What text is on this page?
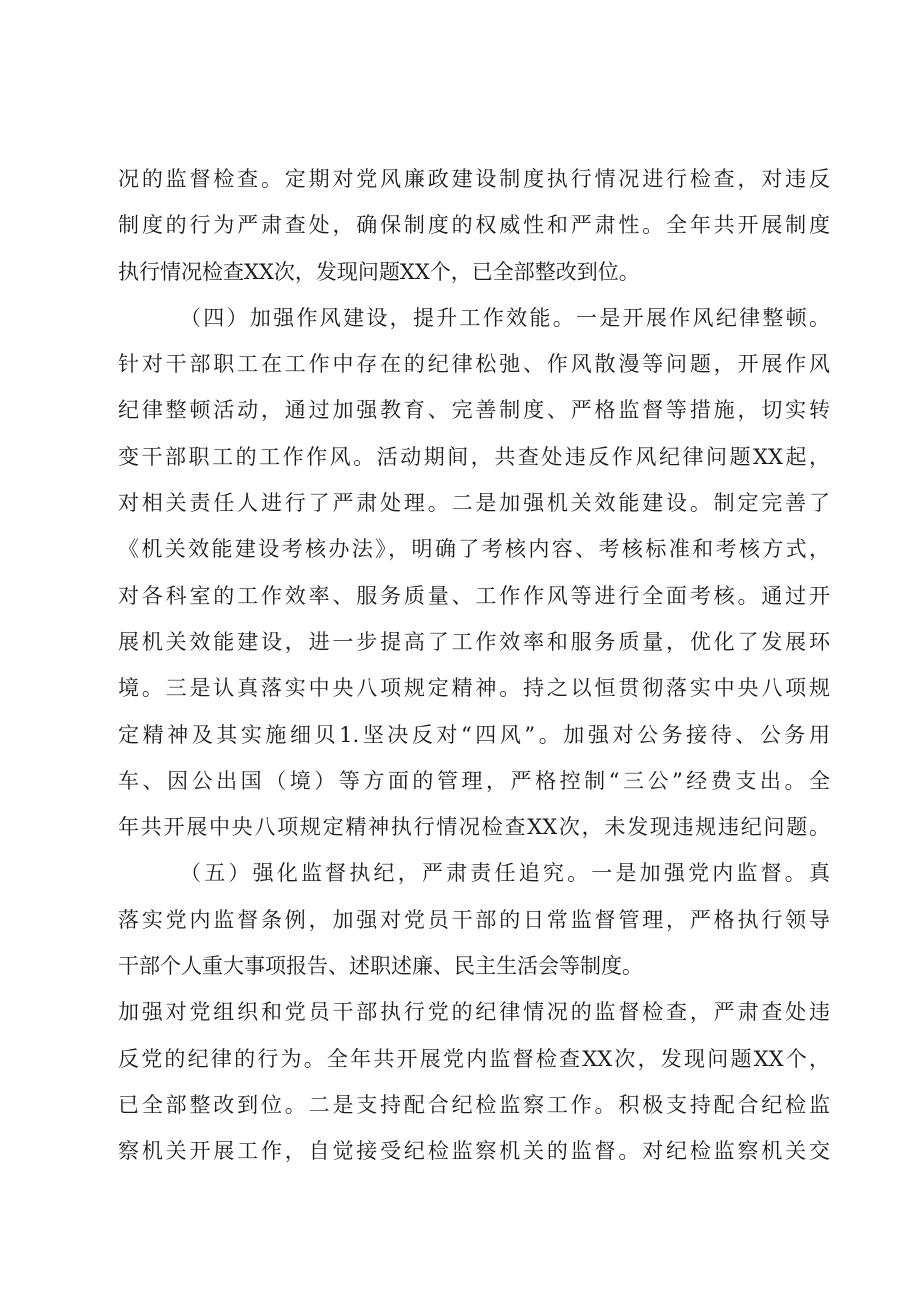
况的监督检查。定期对党风廉政建设制度执行情况进行检查，对违反
制度的行为严肃查处，确保制度的权威性和严肃性。全年共开展制度
执行情况检查XX次，发现问题XX个，已全部整改到位。
（四）加强作风建设，提升工作效能。一是开展作风纪律整顿。
针对干部职工在工作中存在的纪律松弛、作风散漫等问题，开展作风
纪律整顿活动，通过加强教育、完善制度、严格监督等措施，切实转
变干部职工的工作作风。活动期间，共查处违反作风纪律问题XX起，
对相关责任人进行了严肃处理。二是加强机关效能建设。制定完善了
《机关效能建设考核办法》，明确了考核内容、考核标准和考核方式，
对各科室的工作效率、服务质量、工作作风等进行全面考核。通过开
展机关效能建设，进一步提高了工作效率和服务质量，优化了发展环
境。三是认真落实中央八项规定精神。持之以恒贯彻落实中央八项规
定精神及其实施细贝1.坚决反对“四风”。加强对公务接待、公务用
车、因公出国（境）等方面的管理，严格控制“三公”经费支出。全
年共开展中央八项规定精神执行情况检查XX次，未发现违规违纪问题。
（五）强化监督执纪，严肃责任追究。一是加强党内监督。真
落实党内监督条例，加强对党员干部的日常监督管理，严格执行领导
干部个人重大事项报告、述职述廉、民主生活会等制度。
加强对党组织和党员干部执行党的纪律情况的监督检查，严肃查处违
反党的纪律的行为。全年共开展党内监督检查XX次，发现问题XX个，
已全部整改到位。二是支持配合纪检监察工作。积极支持配合纪检监
察机关开展工作，自觉接受纪检监察机关的监督。对纪检监察机关交
